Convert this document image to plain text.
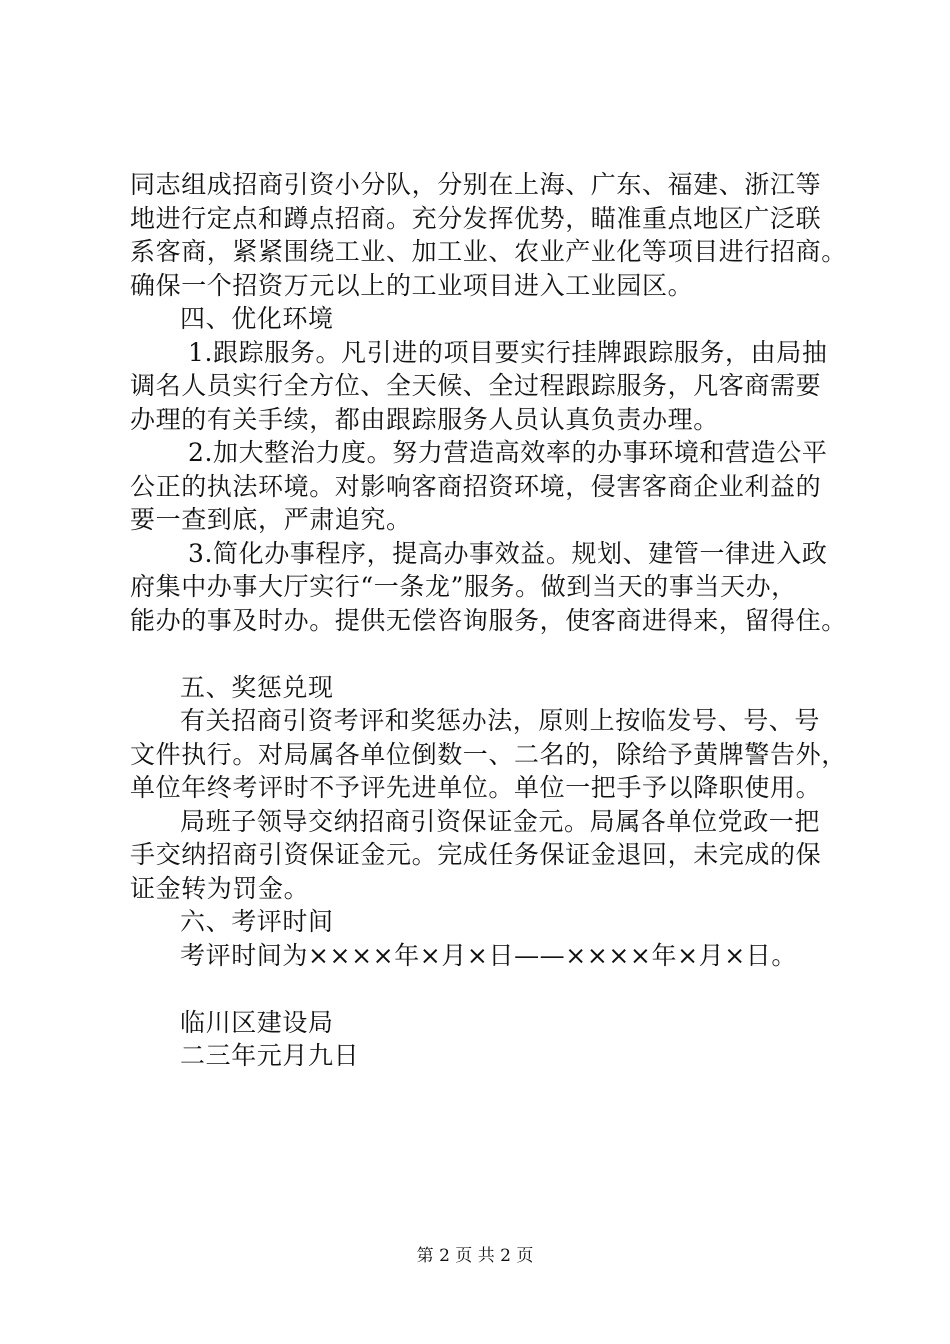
同志组成招商引资小分队，分别在上海、广东、福建、浙江等
地进行定点和蹲点招商。充分发挥优势，瞄准重点地区广泛联
系客商，紧紧围绕工业、加工业、农业产业化等项目进行招商。
确保一个招资万元以上的工业项目进入工业园区。
四、优化环境
1.跟踪服务。凡引进的项目要实行挂牌跟踪服务，由局抽
调名人员实行全方位、全天候、全过程跟踪服务，凡客商需要
办理的有关手续，都由跟踪服务人员认真负责办理。
2.加大整治力度。努力营造高效率的办事环境和营造公平
公正的执法环境。对影响客商招资环境，侵害客商企业利益的
要一查到底，严肃追究。
3.简化办事程序，提高办事效益。规划、建管一律进入政
府集中办事大厅实行“一条龙”服务。做到当天的事当天办，
能办的事及时办。提供无偿咨询服务，使客商进得来，留得住。
五、奖惩兑现
有关招商引资考评和奖惩办法，原则上按临发号、号、号
文件执行。对局属各单位倒数一、二名的，除给予黄牌警告外，
单位年终考评时不予评先进单位。单位一把手予以降职使用。
局班子领导交纳招商引资保证金元。局属各单位党政一把
手交纳招商引资保证金元。完成任务保证金退回，未完成的保
证金转为罚金。
六、考评时间
考评时间为××××年×月×日——××××年×月×日。
临川区建设局
二三年元月九日
第 2 页 共 2 页
